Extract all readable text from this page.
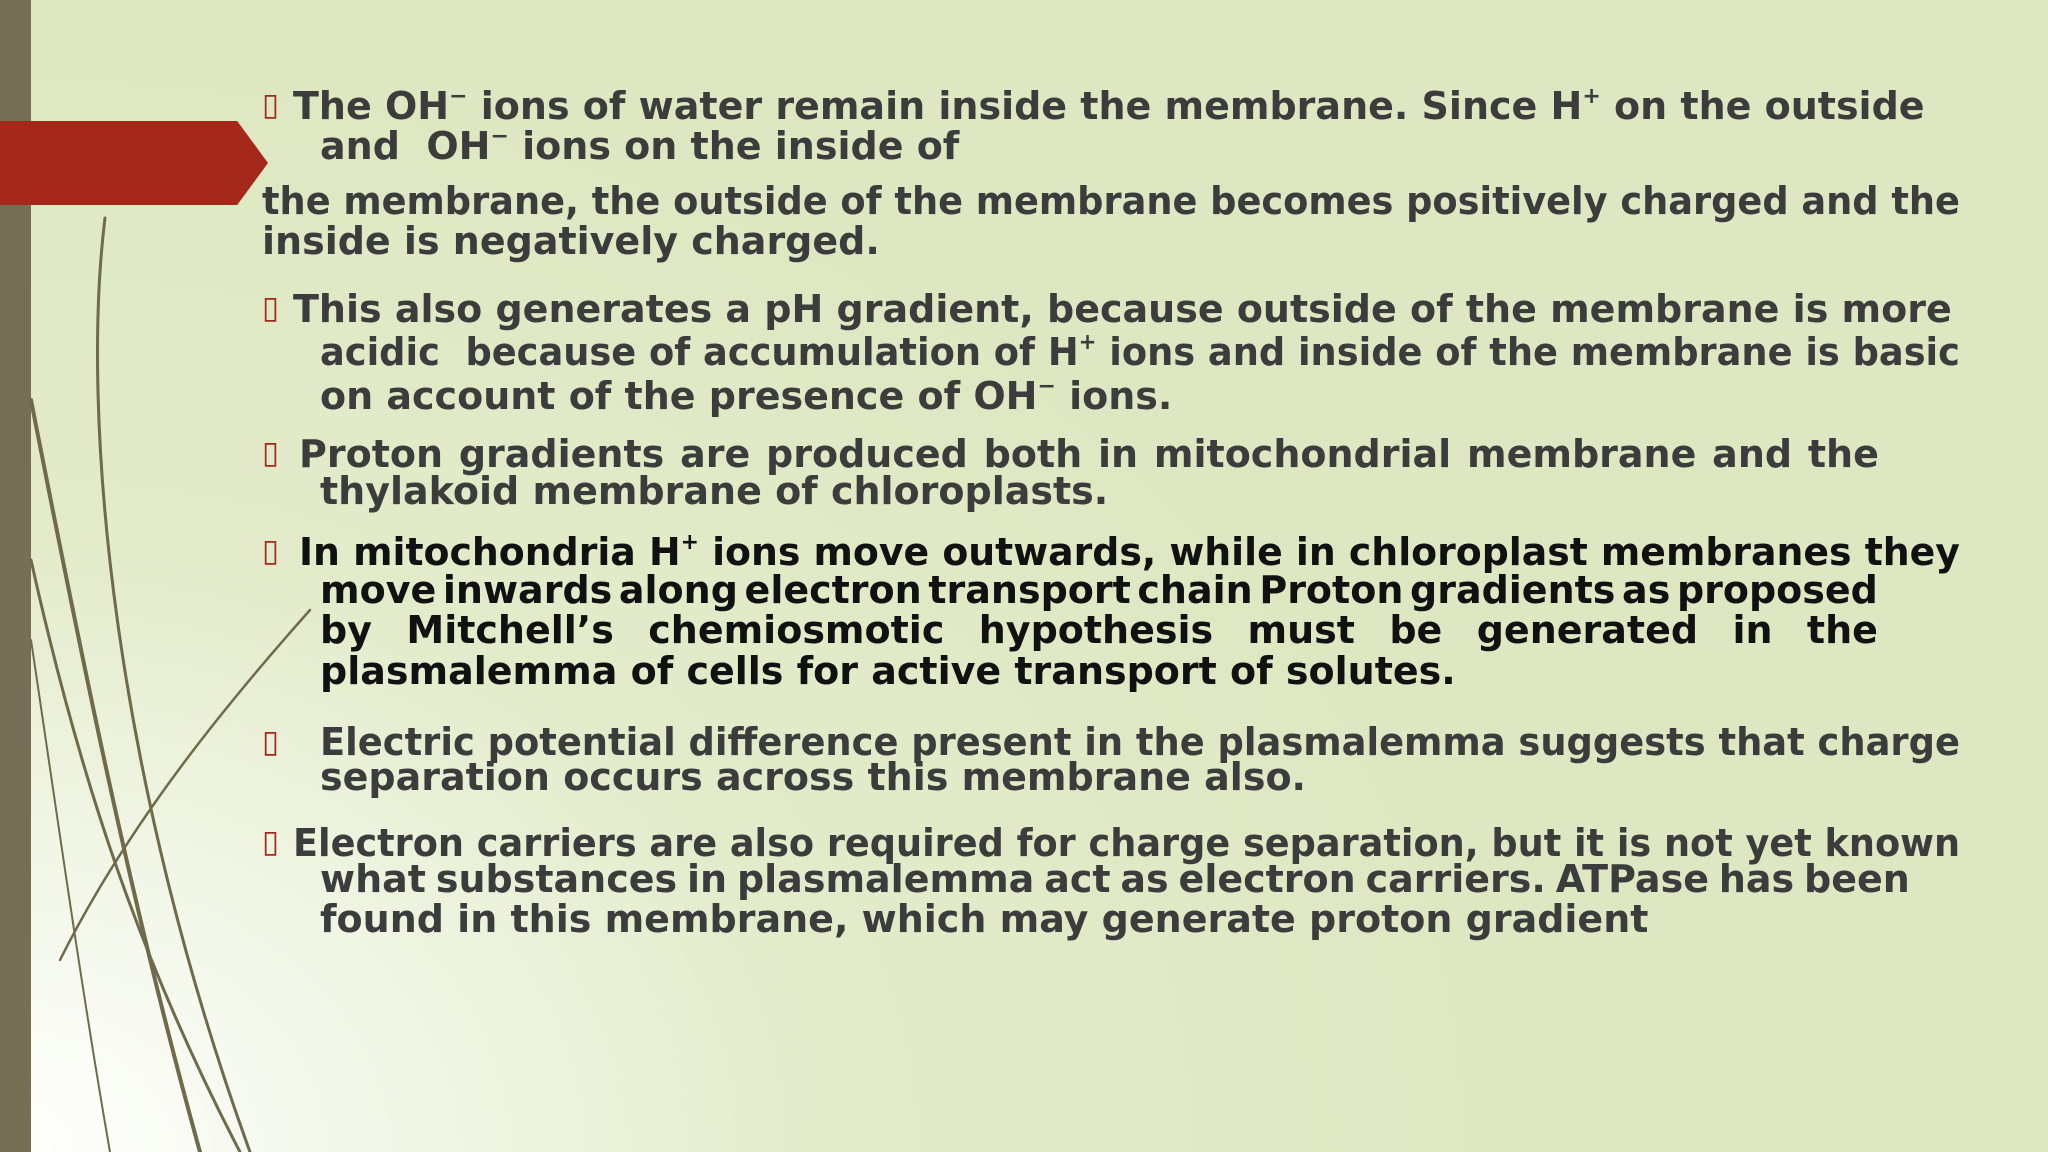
▯ The OH− ions of water remain inside the membrane. Since H+ on the outside
and  OH− ions on the inside of
the membrane, the outside of the membrane becomes positively charged and the
inside is negatively charged.
▯ This also generates a pH gradient, because outside of the membrane is more
acidic  because of accumulation of H+ ions and inside of the membrane is basic
on account of the presence of OH− ions.
▯ Proton gradients are produced both in mitochondrial membrane and the
thylakoid membrane of chloroplasts.
▯ In mitochondria H+ ions move outwards, while in chloroplast membranes they
move inwards along electron transport chain Proton gradients as proposed
by Mitchell’s chemiosmotic hypothesis must be generated in the
plasmalemma of cells for active transport of solutes.
▯ Electric potential difference present in the plasmalemma suggests that charge
separation occurs across this membrane also.
▯ Electron carriers are also required for charge separation, but it is not yet known
what substances in plasmalemma act as electron carriers. ATPase has been
found in this membrane, which may generate proton gradient
